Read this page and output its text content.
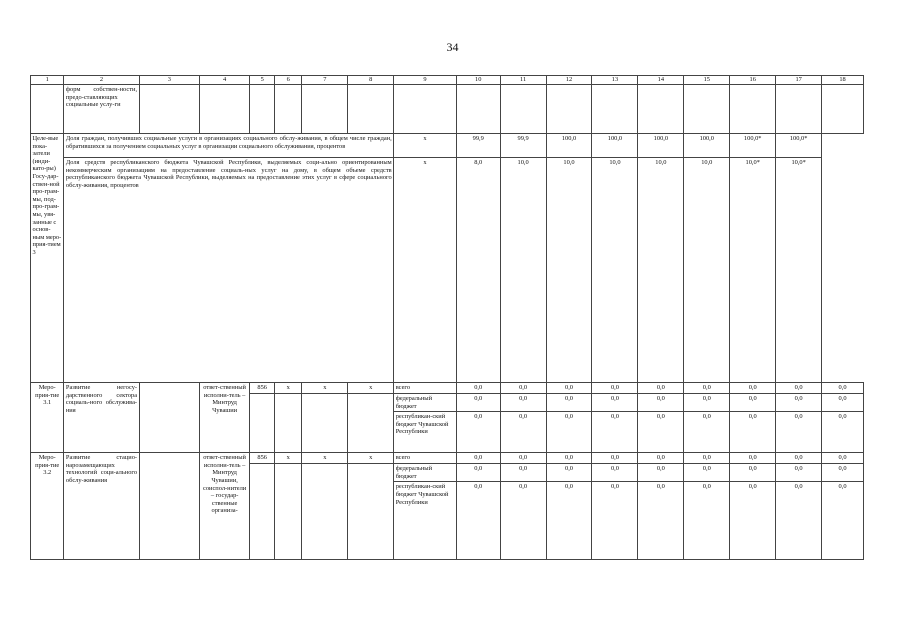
34
1	2	3	4	5	6	7	8	9	10	11	12	13	14	15	16	17	18
	форм собствен-ности, предо-ставляющих социальные услу-ги																
Целе-вые пока-затели (инди-като-ры) Госу-дар-ствен-ной про-грам-мы, под-про-грам-мы, увя-занные с основ-ным меро-прия-тием 3	Доля граждан, получивших социальные услуги в организациях социального обслу-живания, в общем числе граждан, обратившихся за получением социальных услуг в организации социального обслуживания, процентов							х	99,9	99,9	100,0	100,0	100,0	100,0	100,0*	100,0*	
	Доля средств республиканского бюджета Чувашской Республики, выделяемых соци-ально ориентированным некоммерческим организациям на предоставление социаль-ных услуг на дому, в общем объеме средств республиканского бюджета Чувашской Республики, выделяемых на предоставление этих услуг в сфере социального обслу-живания, процентов							х	8,0	10,0	10,0	10,0	10,0	10,0	10,0*	10,0*	
Меро-прия-тие 3.1	Развитие негосу-дарственного сектора социаль-ного обслужива-ния		ответ-ственный исполни-тель – Минтруд Чувашии	856	х	х	х	всего	0,0	0,0	0,0	0,0	0,0	0,0	0,0	0,0	0,0
								федеральный бюджет	0,0	0,0	0,0	0,0	0,0	0,0	0,0	0,0	0,0
								республикан-ский бюджет Чувашской Республики	0,0	0,0	0,0	0,0	0,0	0,0	0,0	0,0	0,0
Меро-прия-тие 3.2	Развитие стацио-нарозамещающих технологий соци-ального обслу-живания		ответ-ственный исполни-тель – Минтруд Чувашии, соиспол-нители – государ-ственные организа-	856	х	х	х	всего	0,0	0,0	0,0	0,0	0,0	0,0	0,0	0,0	0,0
								федеральный бюджет	0,0	0,0	0,0	0,0	0,0	0,0	0,0	0,0	0,0
								республикан-ский бюджет Чувашской Республики	0,0	0,0	0,0	0,0	0,0	0,0	0,0	0,0	0,0
